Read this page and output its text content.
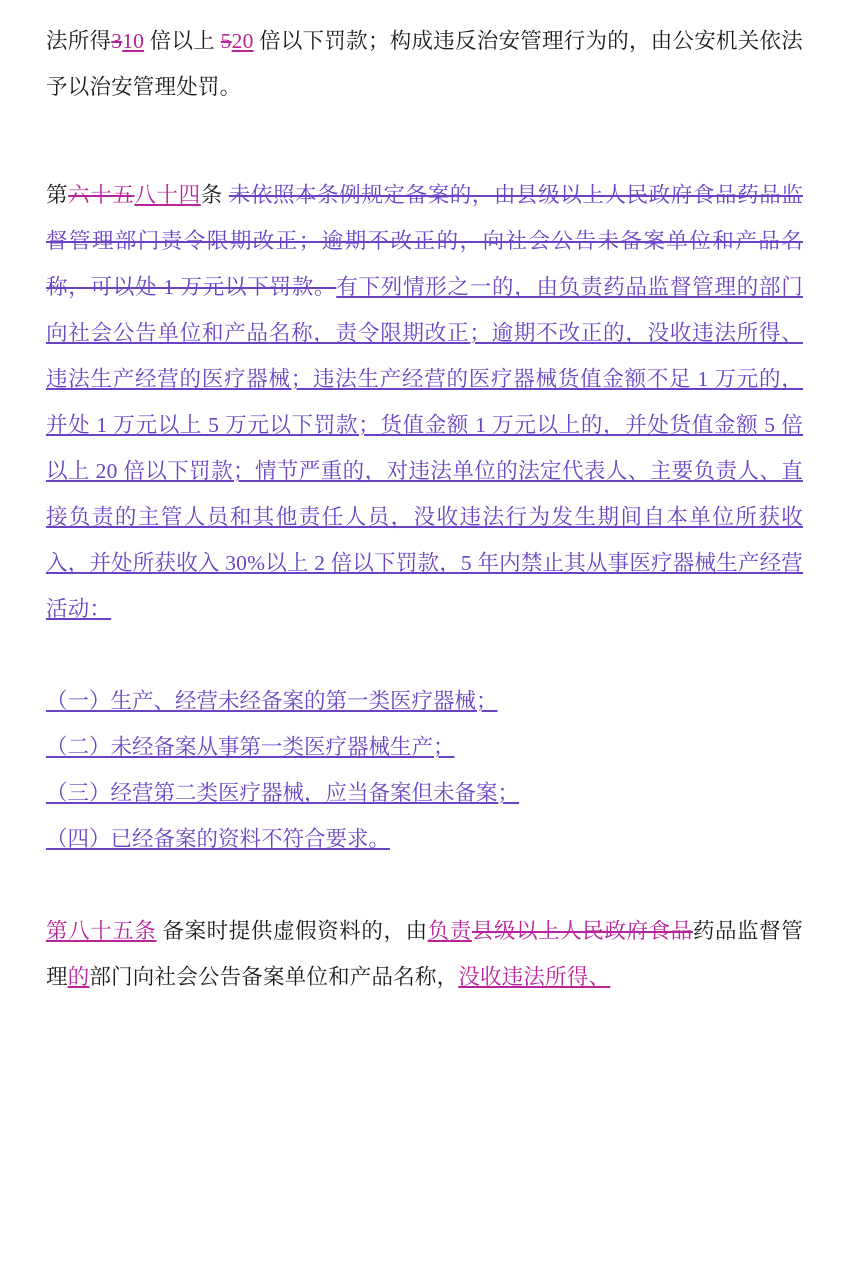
法所得310 倍以上 520 倍以下罚款；构成违反治安管理行为的，由公安机关依法予以治安管理处罚。

第六十五八十四条 未依照本条例规定备案的，由县级以上人民政府食品药品监督管理部门责令限期改正；逾期不改正的，向社会公告未备案单位和产品名称，可以处 1 万元以下罚款。有下列情形之一的，由负责药品监督管理的部门向社会公告单位和产品名称，责令限期改正；逾期不改正的，没收违法所得、违法生产经营的医疗器械；违法生产经营的医疗器械货值金额不足 1 万元的，并处 1 万元以上 5 万元以下罚款；货值金额 1 万元以上的，并处货值金额 5 倍以上 20 倍以下罚款；情节严重的，对违法单位的法定代表人、主要负责人、直接负责的主管人员和其他责任人员，没收违法行为发生期间自本单位所获收入，并处所获收入 30%以上 2 倍以下罚款，5 年内禁止其从事医疗器械生产经营活动：

（一）生产、经营未经备案的第一类医疗器械；

（二）未经备案从事第一类医疗器械生产；

（三）经营第二类医疗器械，应当备案但未备案；

（四）已经备案的资料不符合要求。

第八十五条 备案时提供虚假资料的，由负责县级以上人民政府食品药品监督管理的部门向社会公告备案单位和产品名称，没收违法所得、
